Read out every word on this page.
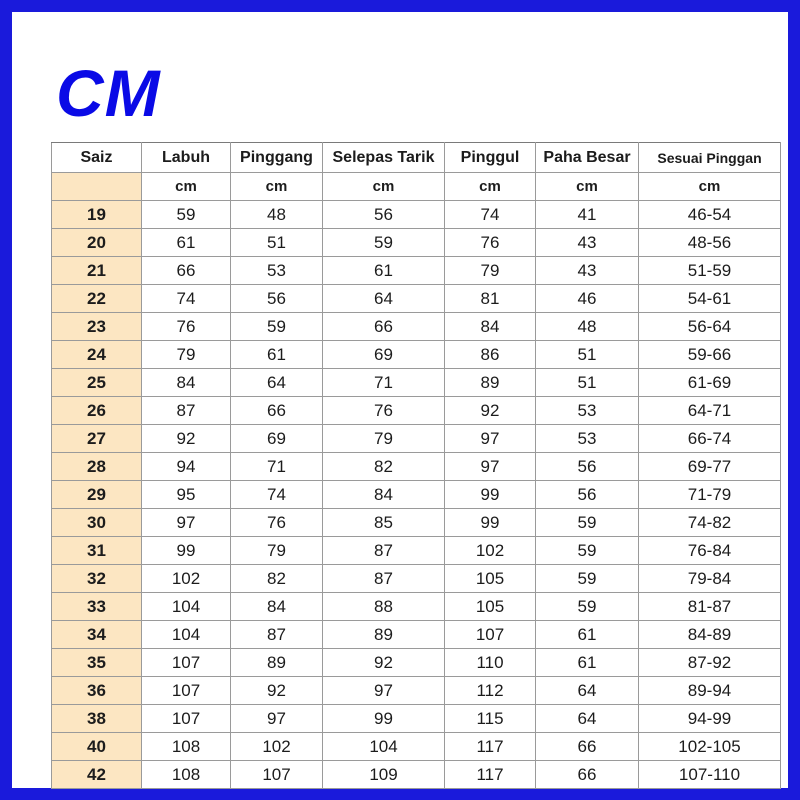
CM
Saiz	Labuh	Pinggang	Selepas Tarik	Pinggul	Paha Besar	Sesuai Pinggan
	cm	cm	cm	cm	cm	cm
19	59	48	56	74	41	46-54
20	61	51	59	76	43	48-56
21	66	53	61	79	43	51-59
22	74	56	64	81	46	54-61
23	76	59	66	84	48	56-64
24	79	61	69	86	51	59-66
25	84	64	71	89	51	61-69
26	87	66	76	92	53	64-71
27	92	69	79	97	53	66-74
28	94	71	82	97	56	69-77
29	95	74	84	99	56	71-79
30	97	76	85	99	59	74-82
31	99	79	87	102	59	76-84
32	102	82	87	105	59	79-84
33	104	84	88	105	59	81-87
34	104	87	89	107	61	84-89
35	107	89	92	110	61	87-92
36	107	92	97	112	64	89-94
38	107	97	99	115	64	94-99
40	108	102	104	117	66	102-105
42	108	107	109	117	66	107-110
